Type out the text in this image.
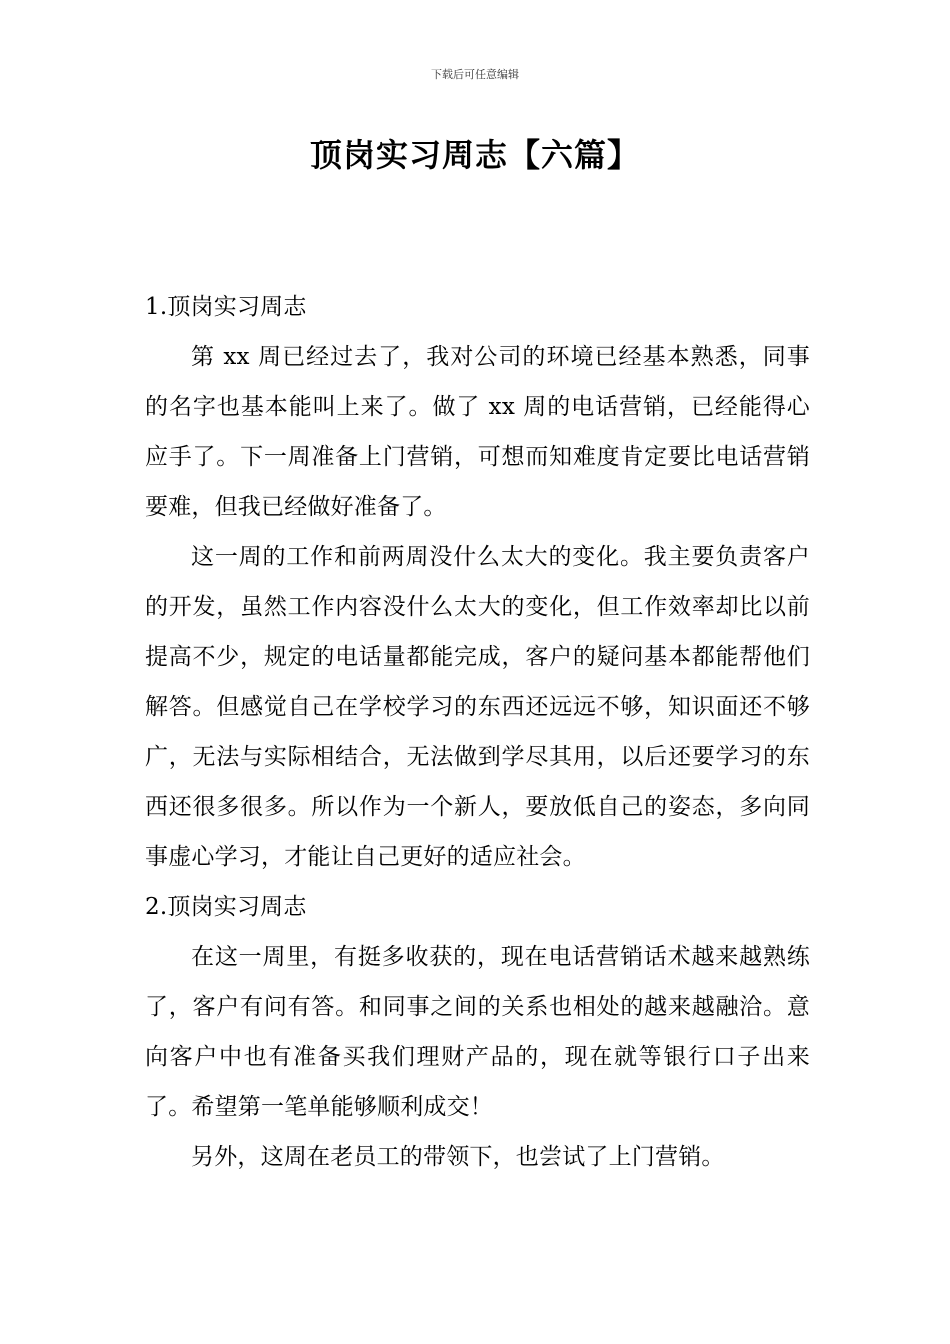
下载后可任意编辑
顶岗实习周志【六篇】
1.顶岗实习周志

第 xx 周已经过去了，我对公司的环境已经基本熟悉，同事的名字也基本能叫上来了。做了 xx 周的电话营销，已经能得心应手了。下一周准备上门营销，可想而知难度肯定要比电话营销要难，但我已经做好准备了。

这一周的工作和前两周没什么太大的变化。我主要负责客户的开发，虽然工作内容没什么太大的变化，但工作效率却比以前提高不少，规定的电话量都能完成，客户的疑问基本都能帮他们解答。但感觉自己在学校学习的东西还远远不够，知识面还不够广，无法与实际相结合，无法做到学尽其用，以后还要学习的东西还很多很多。所以作为一个新人，要放低自己的姿态，多向同事虚心学习，才能让自己更好的适应社会。

2.顶岗实习周志

在这一周里，有挺多收获的，现在电话营销话术越来越熟练了，客户有问有答。和同事之间的关系也相处的越来越融洽。意向客户中也有准备买我们理财产品的，现在就等银行口子出来了。希望第一笔单能够顺利成交！

另外，这周在老员工的带领下，也尝试了上门营销。
